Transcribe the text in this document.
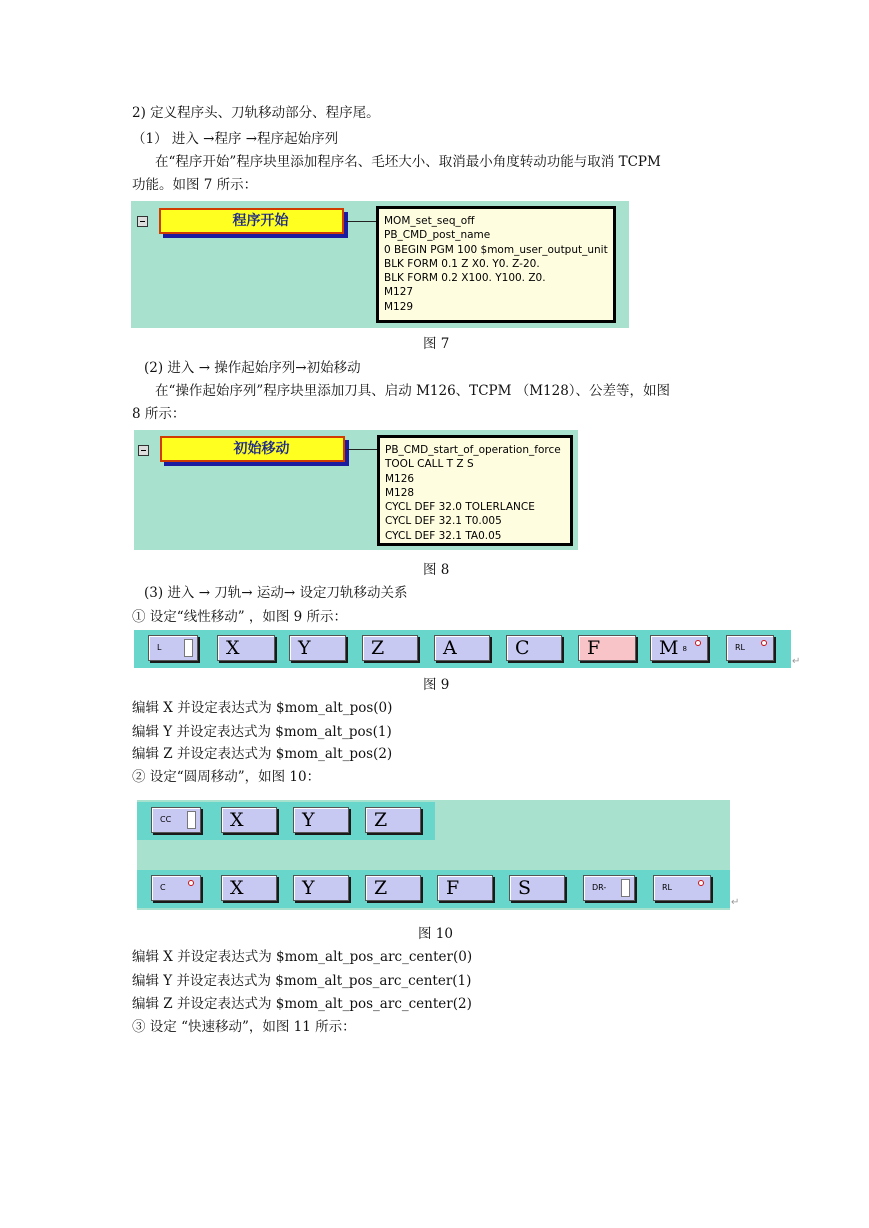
2) 定义程序头、刀轨移动部分、程序尾。
（1） 进入 →程序 →程序起始序列
在“程序开始”程序块里添加程序名、毛坯大小、取消最小角度转动功能与取消 TCPM
功能。如图 7 所示：
程序开始	MOM_set_seq_off
PB_CMD_post_name
0 BEGIN PGM 100 $mom_user_output_unit
BLK FORM 0.1 Z X0. Y0. Z-20.
BLK FORM 0.2 X100. Y100. Z0.
M127
M129
图 7
(2) 进入 → 操作起始序列→初始移动
在“操作起始序列”程序块里添加刀具、启动 M126、TCPM （M128）、公差等，如图
8 所示：
初始移动	PB_CMD_start_of_operation_force
TOOL CALL T Z S
M126
M128
CYCL DEF 32.0 TOLERLANCE
CYCL DEF 32.1 T0.005
CYCL DEF 32.1 TA0.05
图 8
(3) 进入 → 刀轨→ 运动→ 设定刀轨移动关系
① 设定“线性移动” ，如图 9 所示：
L	X	Y	Z	A	C	F	M 8	RL
↵
图 9
编辑 X 并设定表达式为 $mom_alt_pos(0)
编辑 Y 并设定表达式为 $mom_alt_pos(1)
编辑 Z 并设定表达式为 $mom_alt_pos(2)
② 设定“圆周移动”，如图 10：
CC	X	Y	Z
C	X	Y	Z	F	S	DR-	RL
↵
图 10
编辑 X 并设定表达式为 $mom_alt_pos_arc_center(0)
编辑 Y 并设定表达式为 $mom_alt_pos_arc_center(1)
编辑 Z 并设定表达式为 $mom_alt_pos_arc_center(2)
③ 设定 “快速移动”，如图 11 所示：
